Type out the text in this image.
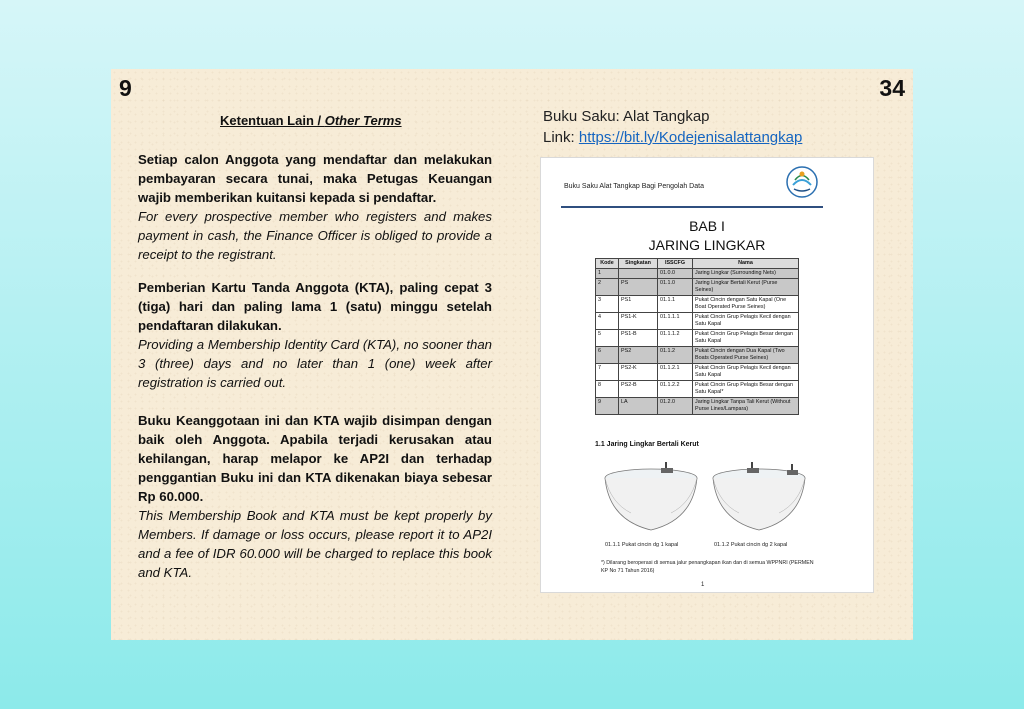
9	34
Ketentuan Lain / Other Terms

Setiap calon Anggota yang mendaftar dan melakukan pembayaran secara tunai, maka Petugas Keuangan wajib memberikan kuitansi kepada si pendaftar.

For every prospective member who registers and makes payment in cash, the Finance Officer is obliged to provide a receipt to the registrant.

Pemberian Kartu Tanda Anggota (KTA), paling cepat 3 (tiga) hari dan paling lama 1 (satu) minggu setelah pendaftaran dilakukan.

Providing a Membership Identity Card (KTA), no sooner than 3 (three) days and no later than 1 (one) week after registration is carried out.

Buku Keanggotaan ini dan KTA wajib disimpan dengan baik oleh Anggota. Apabila terjadi kerusakan atau kehilangan, harap melapor ke AP2I dan terhadap penggantian Buku ini dan KTA dikenakan biaya sebesar Rp 60.000.

This Membership Book and KTA must be kept properly by Members. If damage or loss occurs, please report it to AP2I and a fee of IDR 60.000 will be charged to replace this book and KTA.

Buku Saku: Alat Tangkap
Link: https://bit.ly/Kodejenisalattangkap
Buku Saku Alat Tangkap Bagi Pengolah Data
BAB I
JARING LINGKAR
Kode	Singkatan	ISSCFG	Nama
1		01.0.0	Jaring Lingkar (Surrounding Nets)
2	PS	01.1.0	Jaring Lingkar Bertali Kerut (Purse Seines)
3	PS1	01.1.1	Pukat Cincin dengan Satu Kapal (One Boat Operated Purse Seines)
4	PS1-K	01.1.1.1	Pukat Cincin Grup Pelagis Kecil dengan Satu Kapal
5	PS1-B	01.1.1.2	Pukat Cincin Grup Pelagis Besar dengan Satu Kapal
6	PS2	01.1.2	Pukat Cincin dengan Dua Kapal (Two Boats Operated Purse Seines)
7	PS2-K	01.1.2.1	Pukat Cincin Grup Pelagis Kecil dengan Satu Kapal
8	PS2-B	01.1.2.2	Pukat Cincin Grup Pelagis Besar dengan Satu Kapal*
9	LA	01.2.0	Jaring Lingkar Tanpa Tali Kerut (Without Purse Lines/Lampara)
1.1 Jaring Lingkar Bertali Kerut
01.1.1 Pukat cincin dg 1 kapal	01.1.2 Pukat cincin dg 2 kapal
*) Dilarang beroperasi di semua jalur penangkapan ikan dan di semua WPPNRI (PERMEN KP No 71 Tahun 2016)
1
